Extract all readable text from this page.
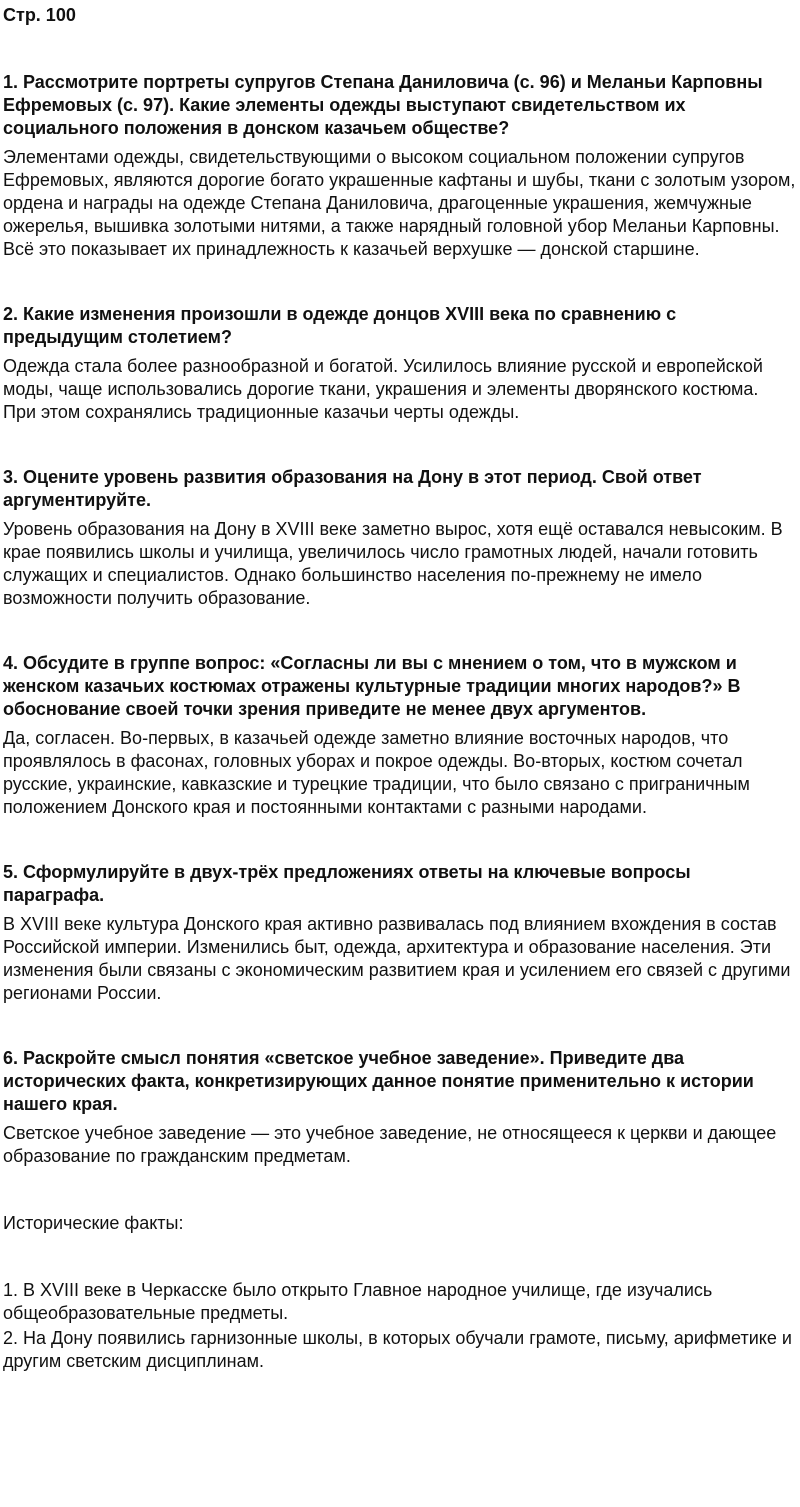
Стр. 100

1. Рассмотрите портреты супругов Степана Даниловича (с. 96) и Меланьи Карповны Ефремовых (с. 97). Какие элементы одежды выступают свидетельством их социального положения в донском казачьем обществе?

Элементами одежды, свидетельствующими о высоком социальном положении супругов Ефремовых, являются дорогие богато украшенные кафтаны и шубы, ткани с золотым узором, ордена и награды на одежде Степана Даниловича, драгоценные украшения, жемчужные ожерелья, вышивка золотыми нитями, а также нарядный головной убор Меланьи Карповны. Всё это показывает их принадлежность к казачьей верхушке — донской старшине.

2. Какие изменения произошли в одежде донцов XVIII века по сравнению с предыдущим столетием?

Одежда стала более разнообразной и богатой. Усилилось влияние русской и европейской моды, чаще использовались дорогие ткани, украшения и элементы дворянского костюма. При этом сохранялись традиционные казачьи черты одежды.

3. Оцените уровень развития образования на Дону в этот период. Свой ответ аргументируйте.

Уровень образования на Дону в XVIII веке заметно вырос, хотя ещё оставался невысоким. В крае появились школы и училища, увеличилось число грамотных людей, начали готовить служащих и специалистов. Однако большинство населения по-прежнему не имело возможности получить образование.

4. Обсудите в группе вопрос: «Согласны ли вы с мнением о том, что в мужском и женском казачьих костюмах отражены культурные традиции многих народов?» В обоснование своей точки зрения приведите не менее двух аргументов.

Да, согласен. Во-первых, в казачьей одежде заметно влияние восточных народов, что проявлялось в фасонах, головных уборах и покрое одежды. Во-вторых, костюм сочетал русские, украинские, кавказские и турецкие традиции, что было связано с приграничным положением Донского края и постоянными контактами с разными народами.

5. Сформулируйте в двух-трёх предложениях ответы на ключевые вопросы параграфа.

В XVIII веке культура Донского края активно развивалась под влиянием вхождения в состав Российской империи. Изменились быт, одежда, архитектура и образование населения. Эти изменения были связаны с экономическим развитием края и усилением его связей с другими регионами России.

6. Раскройте смысл понятия «светское учебное заведение». Приведите два исторических факта, конкретизирующих данное понятие применительно к истории нашего края.

Светское учебное заведение — это учебное заведение, не относящееся к церкви и дающее образование по гражданским предметам.

Исторические факты:

1. В XVIII веке в Черкасске было открыто Главное народное училище, где изучались общеобразовательные предметы.

2. На Дону появились гарнизонные школы, в которых обучали грамоте, письму, арифметике и другим светским дисциплинам.
